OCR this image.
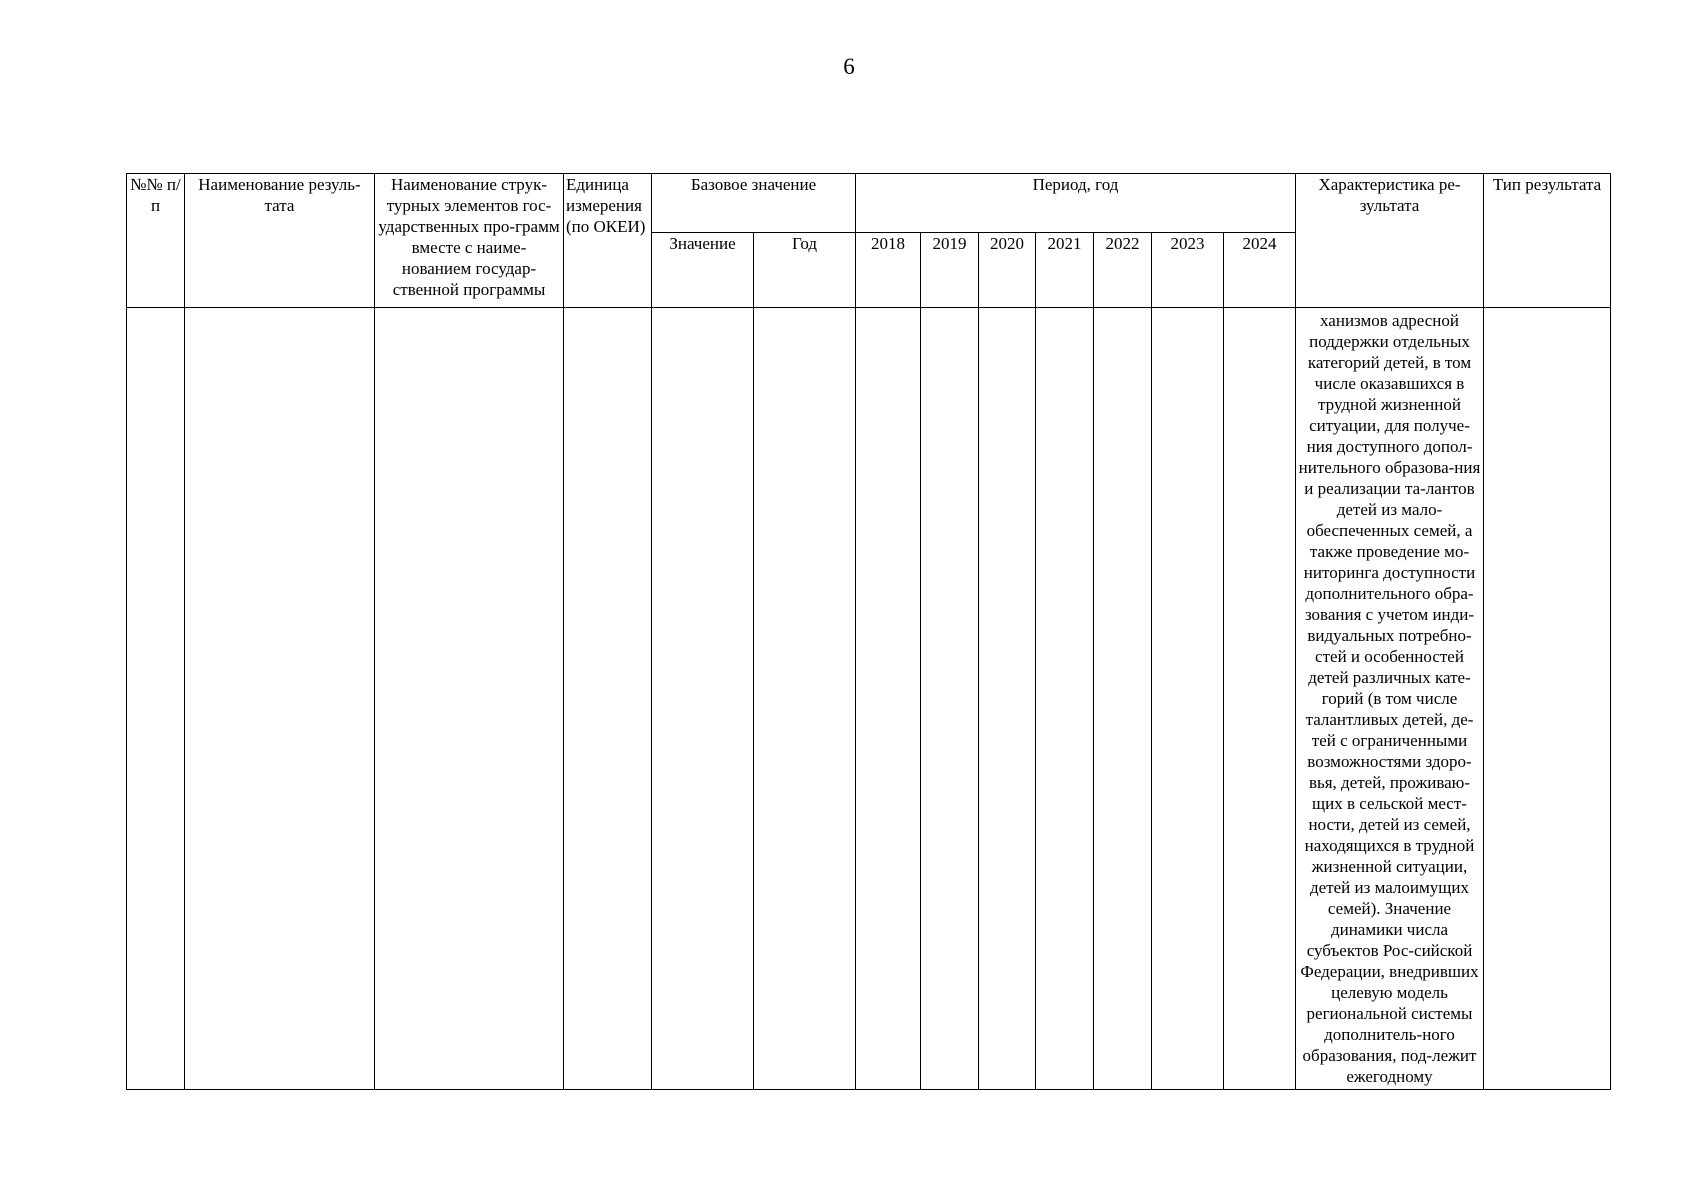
6
№№ п/п	Наименование резуль-тата	Наименование струк-турных элементов гос-ударственных про-грамм вместе с наиме-нованием государ-ственной программы	Единица измерения (по ОКЕИ)	Базовое значение		Период, год							Характеристика ре-зультата	Тип результата
				Значение	Год	2018	2019	2020	2021	2022	2023	2024		
													ханизмов адресной поддержки отдельных категорий детей, в том числе оказавшихся в трудной жизненной ситуации, для получе-ния доступного допол-нительного образова-ния и реализации та-лантов детей из мало-обеспеченных семей, а также проведение мо-ниторинга доступности дополнительного обра-зования с учетом инди-видуальных потребно-стей и особенностей детей различных кате-горий (в том числе талантливых детей, де-тей с ограниченными возможностями здоро-вья, детей, проживаю-щих в сельской мест-ности, детей из семей, находящихся в трудной жизненной ситуации, детей из малоимущих семей). Значение динамики числа субъектов Рос-сийской Федерации, внедривших целевую модель региональной системы дополнитель-ного образования, под-лежит ежегодному	
